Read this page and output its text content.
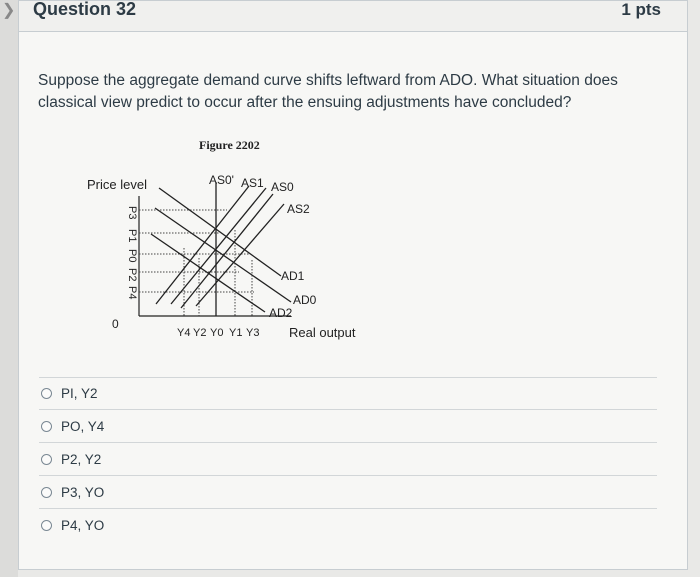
❯ Question 32	1 pts
Suppose the aggregate demand curve shifts leftward from ADO. What situation does classical view predict to occur after the ensuing adjustments have concluded?
Figure 2202
Price level
Real output
0
P3
P1
P0
P2
P4
AS0' AS1 AS0
AS2
AD1
AD0
AD2
Y4 Y2 Y0 Y1 Y3
PI, Y2
PO, Y4
P2, Y2
P3, YO
P4, YO
